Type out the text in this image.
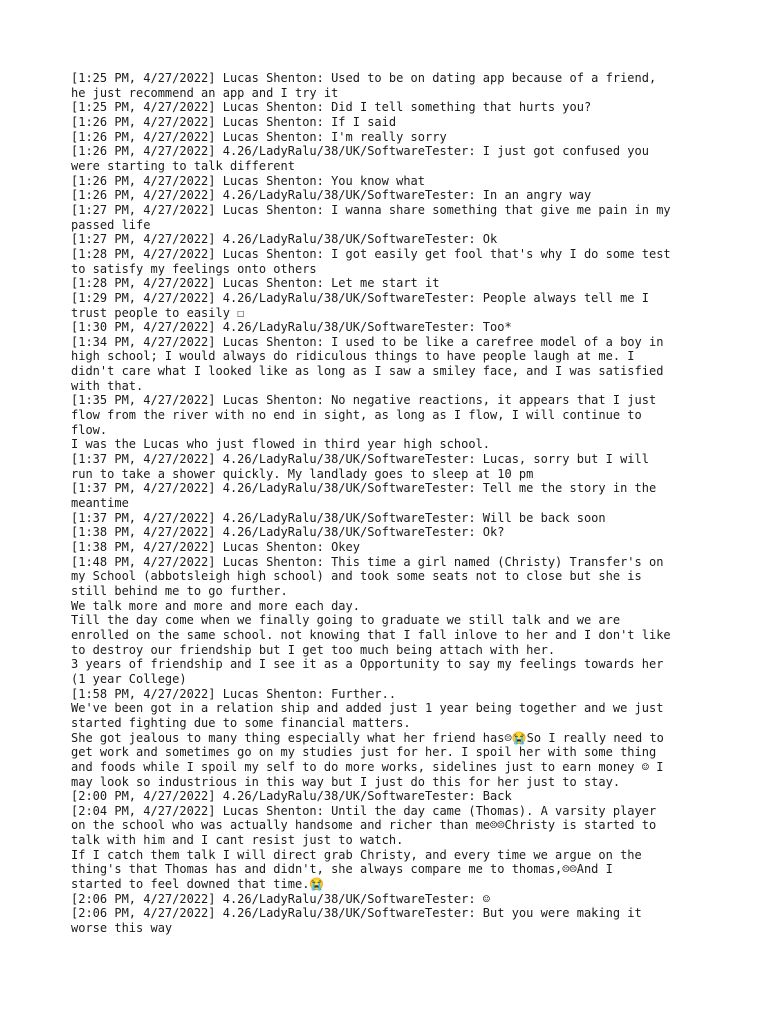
[1:25 PM, 4/27/2022] Lucas Shenton: Used to be on dating app because of a friend,
he just recommend an app and I try it
[1:25 PM, 4/27/2022] Lucas Shenton: Did I tell something that hurts you?
[1:26 PM, 4/27/2022] Lucas Shenton: If I said
[1:26 PM, 4/27/2022] Lucas Shenton: I'm really sorry
[1:26 PM, 4/27/2022] 4.26/LadyRalu/38/UK/SoftwareTester: I just got confused you
were starting to talk different
[1:26 PM, 4/27/2022] Lucas Shenton: You know what
[1:26 PM, 4/27/2022] 4.26/LadyRalu/38/UK/SoftwareTester: In an angry way
[1:27 PM, 4/27/2022] Lucas Shenton: I wanna share something that give me pain in my
passed life
[1:27 PM, 4/27/2022] 4.26/LadyRalu/38/UK/SoftwareTester: Ok
[1:28 PM, 4/27/2022] Lucas Shenton: I got easily get fool that's why I do some test
to satisfy my feelings onto others
[1:28 PM, 4/27/2022] Lucas Shenton: Let me start it
[1:29 PM, 4/27/2022] 4.26/LadyRalu/38/UK/SoftwareTester: People always tell me I
trust people to easily ☐
[1:30 PM, 4/27/2022] 4.26/LadyRalu/38/UK/SoftwareTester: Too*
[1:34 PM, 4/27/2022] Lucas Shenton: I used to be like a carefree model of a boy in
high school; I would always do ridiculous things to have people laugh at me. I
didn't care what I looked like as long as I saw a smiley face, and I was satisfied
with that.
[1:35 PM, 4/27/2022] Lucas Shenton: No negative reactions, it appears that I just
flow from the river with no end in sight, as long as I flow, I will continue to
flow.
I was the Lucas who just flowed in third year high school.
[1:37 PM, 4/27/2022] 4.26/LadyRalu/38/UK/SoftwareTester: Lucas, sorry but I will
run to take a shower quickly. My landlady goes to sleep at 10 pm
[1:37 PM, 4/27/2022] 4.26/LadyRalu/38/UK/SoftwareTester: Tell me the story in the
meantime
[1:37 PM, 4/27/2022] 4.26/LadyRalu/38/UK/SoftwareTester: Will be back soon
[1:38 PM, 4/27/2022] 4.26/LadyRalu/38/UK/SoftwareTester: Ok?
[1:38 PM, 4/27/2022] Lucas Shenton: Okey
[1:48 PM, 4/27/2022] Lucas Shenton: This time a girl named (Christy) Transfer's on
my School (abbotsleigh high school) and took some seats not to close but she is
still behind me to go further.
We talk more and more and more each day.
Till the day come when we finally going to graduate we still talk and we are
enrolled on the same school. not knowing that I fall inlove to her and I don't like
to destroy our friendship but I get too much being attach with her.
3 years of friendship and I see it as a Opportunity to say my feelings towards her
(1 year College)
[1:58 PM, 4/27/2022] Lucas Shenton: Further..
We've been got in a relation ship and added just 1 year being together and we just
started fighting due to some financial matters.
She got jealous to many thing especially what her friend has☹😭So I really need to
get work and sometimes go on my studies just for her. I spoil her with some thing
and foods while I spoil my self to do more works, sidelines just to earn money ☺ I
may look so industrious in this way but I just do this for her just to stay.
[2:00 PM, 4/27/2022] 4.26/LadyRalu/38/UK/SoftwareTester: Back
[2:04 PM, 4/27/2022] Lucas Shenton: Until the day came (Thomas). A varsity player
on the school who was actually handsome and richer than me☹☹Christy is started to
talk with him and I cant resist just to watch.
If I catch them talk I will direct grab Christy, and every time we argue on the
thing's that Thomas has and didn't, she always compare me to thomas,☹☹And I
started to feel downed that time.😭
[2:06 PM, 4/27/2022] 4.26/LadyRalu/38/UK/SoftwareTester: ☺
[2:06 PM, 4/27/2022] 4.26/LadyRalu/38/UK/SoftwareTester: But you were making it
worse this way
